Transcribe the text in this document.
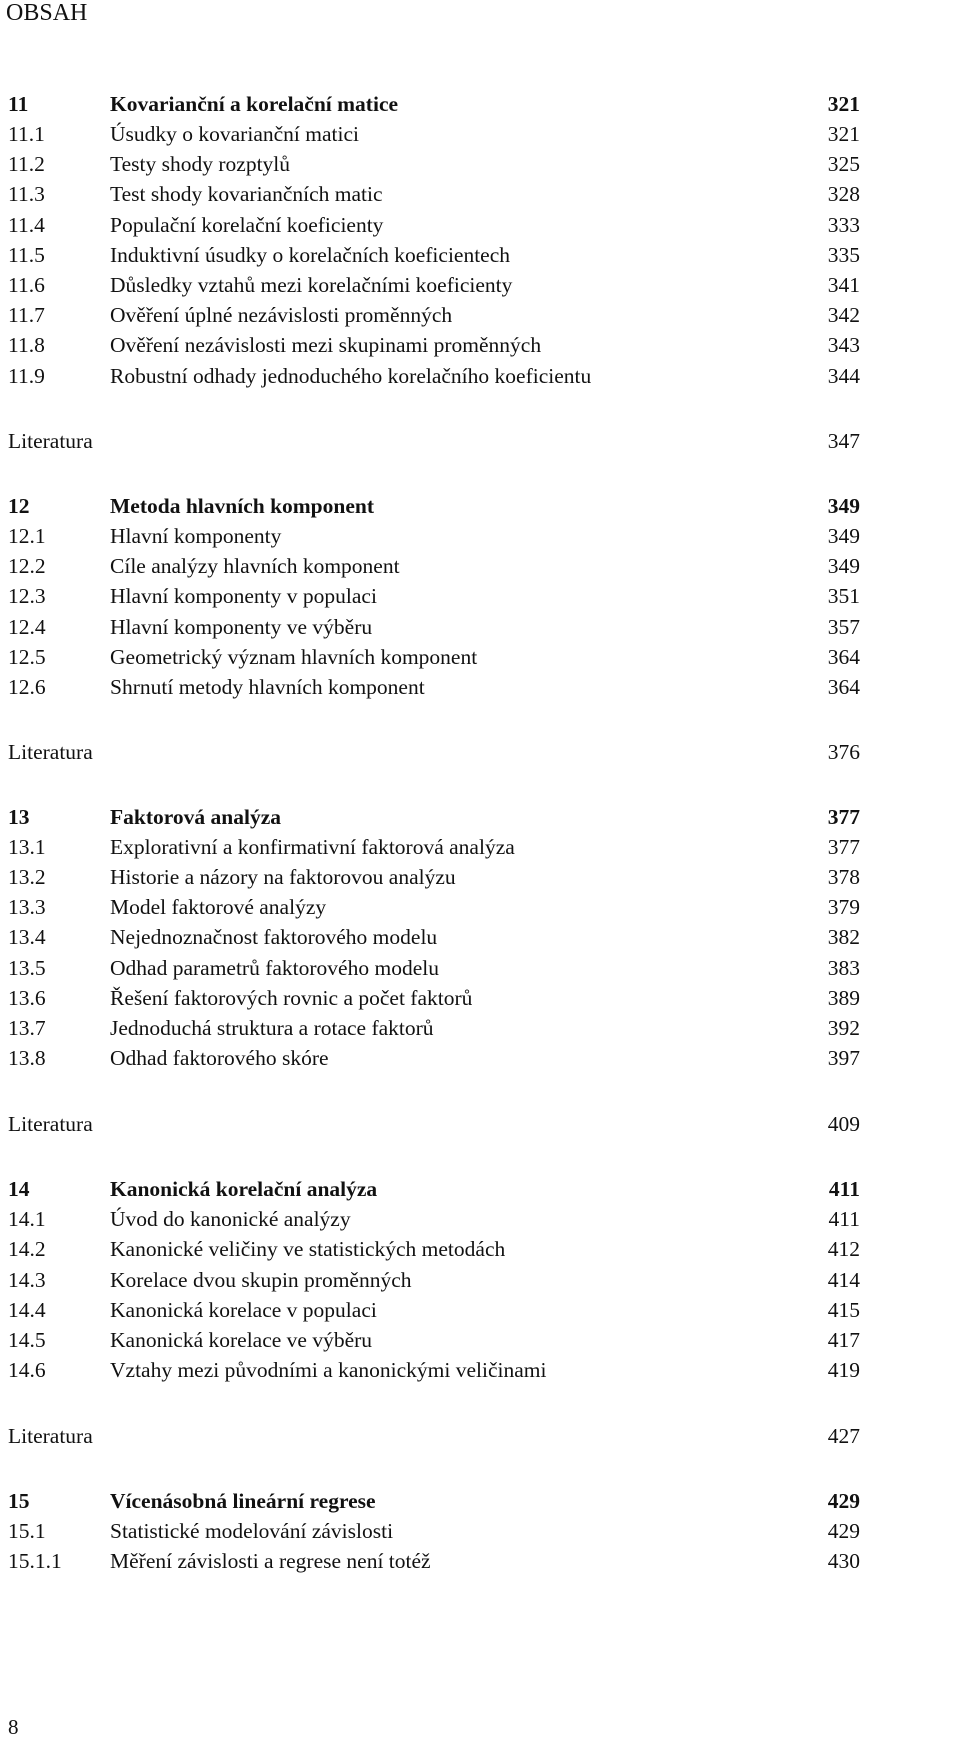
OBSAH
11	Kovarianční a korelační matice	321
11.1	Úsudky o kovarianční matici	321
11.2	Testy shody rozptylů	325
11.3	Test shody kovariančních matic	328
11.4	Populační korelační koeficienty	333
11.5	Induktivní úsudky o korelačních koeficientech	335
11.6	Důsledky vztahů mezi korelačními koeficienty	341
11.7	Ověření úplné nezávislosti proměnných	342
11.8	Ověření nezávislosti mezi skupinami proměnných	343
11.9	Robustní odhady jednoduchého korelačního koeficientu	344
Literatura	347
12	Metoda hlavních komponent	349
12.1	Hlavní komponenty	349
12.2	Cíle analýzy hlavních komponent	349
12.3	Hlavní komponenty v populaci	351
12.4	Hlavní komponenty ve výběru	357
12.5	Geometrický význam hlavních komponent	364
12.6	Shrnutí metody hlavních komponent	364
Literatura	376
13	Faktorová analýza	377
13.1	Explorativní a konfirmativní faktorová analýza	377
13.2	Historie a názory na faktorovou analýzu	378
13.3	Model faktorové analýzy	379
13.4	Nejednoznačnost faktorového modelu	382
13.5	Odhad parametrů faktorového modelu	383
13.6	Řešení faktorových rovnic a počet faktorů	389
13.7	Jednoduchá struktura a rotace faktorů	392
13.8	Odhad faktorového skóre	397
Literatura	409
14	Kanonická korelační analýza	411
14.1	Úvod do kanonické analýzy	411
14.2	Kanonické veličiny ve statistických metodách	412
14.3	Korelace dvou skupin proměnných	414
14.4	Kanonická korelace v populaci	415
14.5	Kanonická korelace ve výběru	417
14.6	Vztahy mezi původními a kanonickými veličinami	419
Literatura	427
15	Vícenásobná lineární regrese	429
15.1	Statistické modelování závislosti	429
15.1.1 Měření závislosti a regrese není totéž	430
8
